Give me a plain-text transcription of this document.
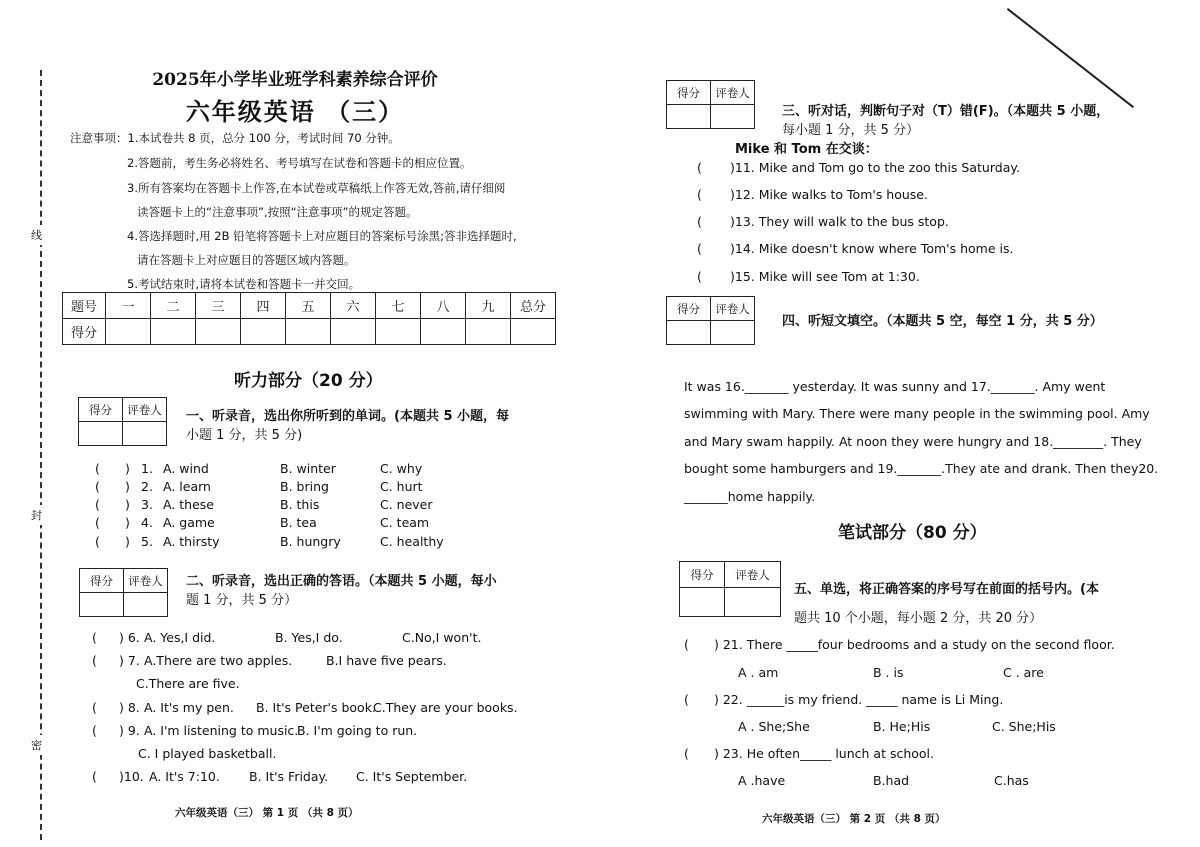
线
封
密
2025年小学毕业班学科素养综合评价
六年级英语 （三）
注意事项：1.本试卷共 8 页，总分 100 分，考试时间 70 分钟。
2.答题前，考生务必将姓名、考号填写在试卷和答题卡的相应位置。
3.所有答案均在答题卡上作答,在本试卷或草稿纸上作答无效,答前,请仔细阅
读答题卡上的“注意事项”,按照“注意事项”的规定答题。
4.答选择题时,用 2B 铅笔将答题卡上对应题目的答案标号涂黑;答非选择题时,
请在答题卡上对应题目的答题区域内答题。
5.考试结束时,请将本试卷和答题卡一并交回。
题号	一	二	三	四	五	六	七	八	九	总分
得分										
听力部分（20 分）
得分	评卷人
	一、听录音，选出你所听到的单词。(本题共 5 小题，每
小题 1 分，共 5 分)
( ) 1. A. wind	B. winter	C. why
( ) 2. A. learn	B. bring	C. hurt
( ) 3. A. these	B. this	C. never
( ) 4. A. game	B. tea	C. team
( ) 5. A. thirsty	B. hungry	C. healthy
得分	评卷人
	二、听录音，选出正确的答语。（本题共 5 小题，每小
题 1 分，共 5 分）
( ) 6. A. Yes,I did.	B. Yes,I do.	C.No,I won't.
( ) 7. A.There are two apples.	B.I have five pears.
C.There are five.
( ) 8. A. It's my pen. B. It's Peter's book.
C.They are your books.
( ) 9. A. I'm listening to music.
B. I'm going to run.
C. I played basketball.
( )10. A. It's 7:10. B. It's Friday. C. It's September.
六年级英语（三） 第 1 页 （共 8 页）
得分	评卷人

三、听对话，判断句子对（T）错(F)。（本题共 5 小题，
每小题 1 分，共 5 分）
Mike 和 Tom 在交谈：
( )11. Mike and Tom go to the zoo this Saturday.
( )12. Mike walks to Tom's house.
( )13. They will walk to the bus stop.
( )14. Mike doesn't know where Tom's home is.
( )15. Mike will see Tom at 1:30.
得分	评卷人

四、听短文填空。（本题共 5 空，每空 1 分，共 5 分）
It was 16._______ yesterday. It was sunny and 17._______. Amy went
swimming with Mary. There were many people in the swimming pool. Amy
and Mary swam happily. At noon they were hungry and 18.________. They
bought some hamburgers and 19._______.They ate and drank. Then they20.
_______home happily.
笔试部分（80 分）
得分	评卷人

五、单选，将正确答案的序号写在前面的括号内。(本
题共 10 个小题，每小题 2 分，共 20 分）
( ) 21. There _____four bedrooms and a study on the second floor.
A . am	B . is	C . are
( ) 22. ______is my friend. _____ name is Li Ming.
A . She;She	B. He;His	C. She;His
( ) 23. He often_____ lunch at school.
A .have	B.had	C.has
六年级英语（三） 第 2 页 （共 8 页）
